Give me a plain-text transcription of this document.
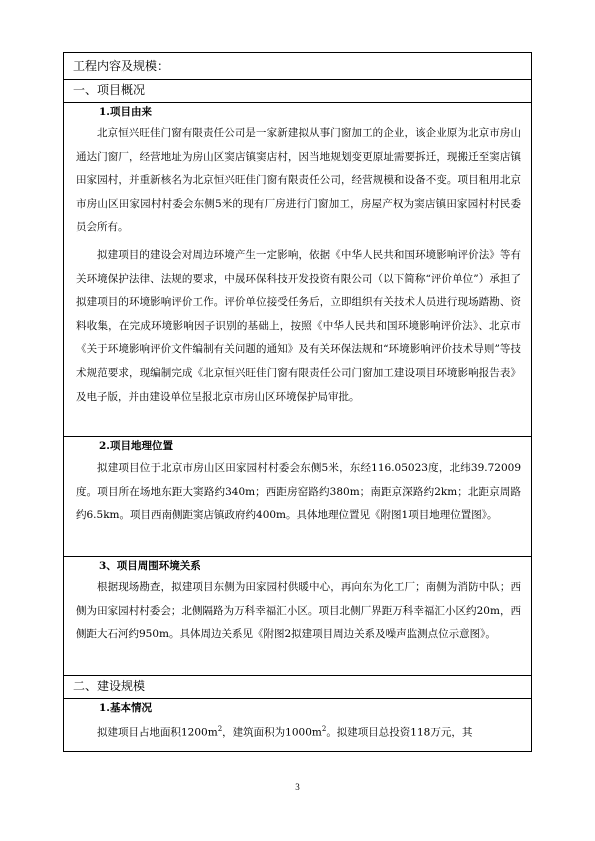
工程内容及规模：
一、项目概况
1.项目由来
北京恒兴旺佳门窗有限责任公司是一家新建拟从事门窗加工的企业，该企业原为北京市房山通达门窗厂，经营地址为房山区窦店镇窦店村，因当地规划变更原址需要拆迁，现搬迁至窦店镇田家园村，并重新核名为北京恒兴旺佳门窗有限责任公司，经营规模和设备不变。项目租用北京市房山区田家园村村委会东侧5米的现有厂房进行门窗加工，房屋产权为窦店镇田家园村村民委员会所有。
拟建项目的建设会对周边环境产生一定影响，依据《中华人民共和国环境影响评价法》等有关环境保护法律、法规的要求，中晟环保科技开发投资有限公司（以下简称“评价单位”）承担了拟建项目的环境影响评价工作。评价单位接受任务后，立即组织有关技术人员进行现场踏勘、资料收集，在完成环境影响因子识别的基础上，按照《中华人民共和国环境影响评价法》、北京市《关于环境影响评价文件编制有关问题的通知》及有关环保法规和“环境影响评价技术导则”等技术规范要求，现编制完成《北京恒兴旺佳门窗有限责任公司门窗加工建设项目环境影响报告表》及电子版，并由建设单位呈报北京市房山区环境保护局审批。
2.项目地理位置
拟建项目位于北京市房山区田家园村村委会东侧5米，东经116.05023度，北纬39.72009度。项目所在场地东距大窦路约340m；西距房窑路约380m；南距京深路约2km；北距京周路约6.5km。项目西南侧距窦店镇政府约400m。具体地理位置见《附图1项目地理位置图》。
3、项目周围环境关系
根据现场勘查，拟建项目东侧为田家园村供暖中心，再向东为化工厂；南侧为消防中队；西侧为田家园村村委会；北侧隔路为万科幸福汇小区。项目北侧厂界距万科幸福汇小区约20m，西侧距大石河约950m。具体周边关系见《附图2拟建项目周边关系及噪声监测点位示意图》。
二、建设规模
1.基本情况
拟建项目占地面积$1200m^2$，建筑面积为$1000m^2$。拟建项目总投资118万元，其
3
